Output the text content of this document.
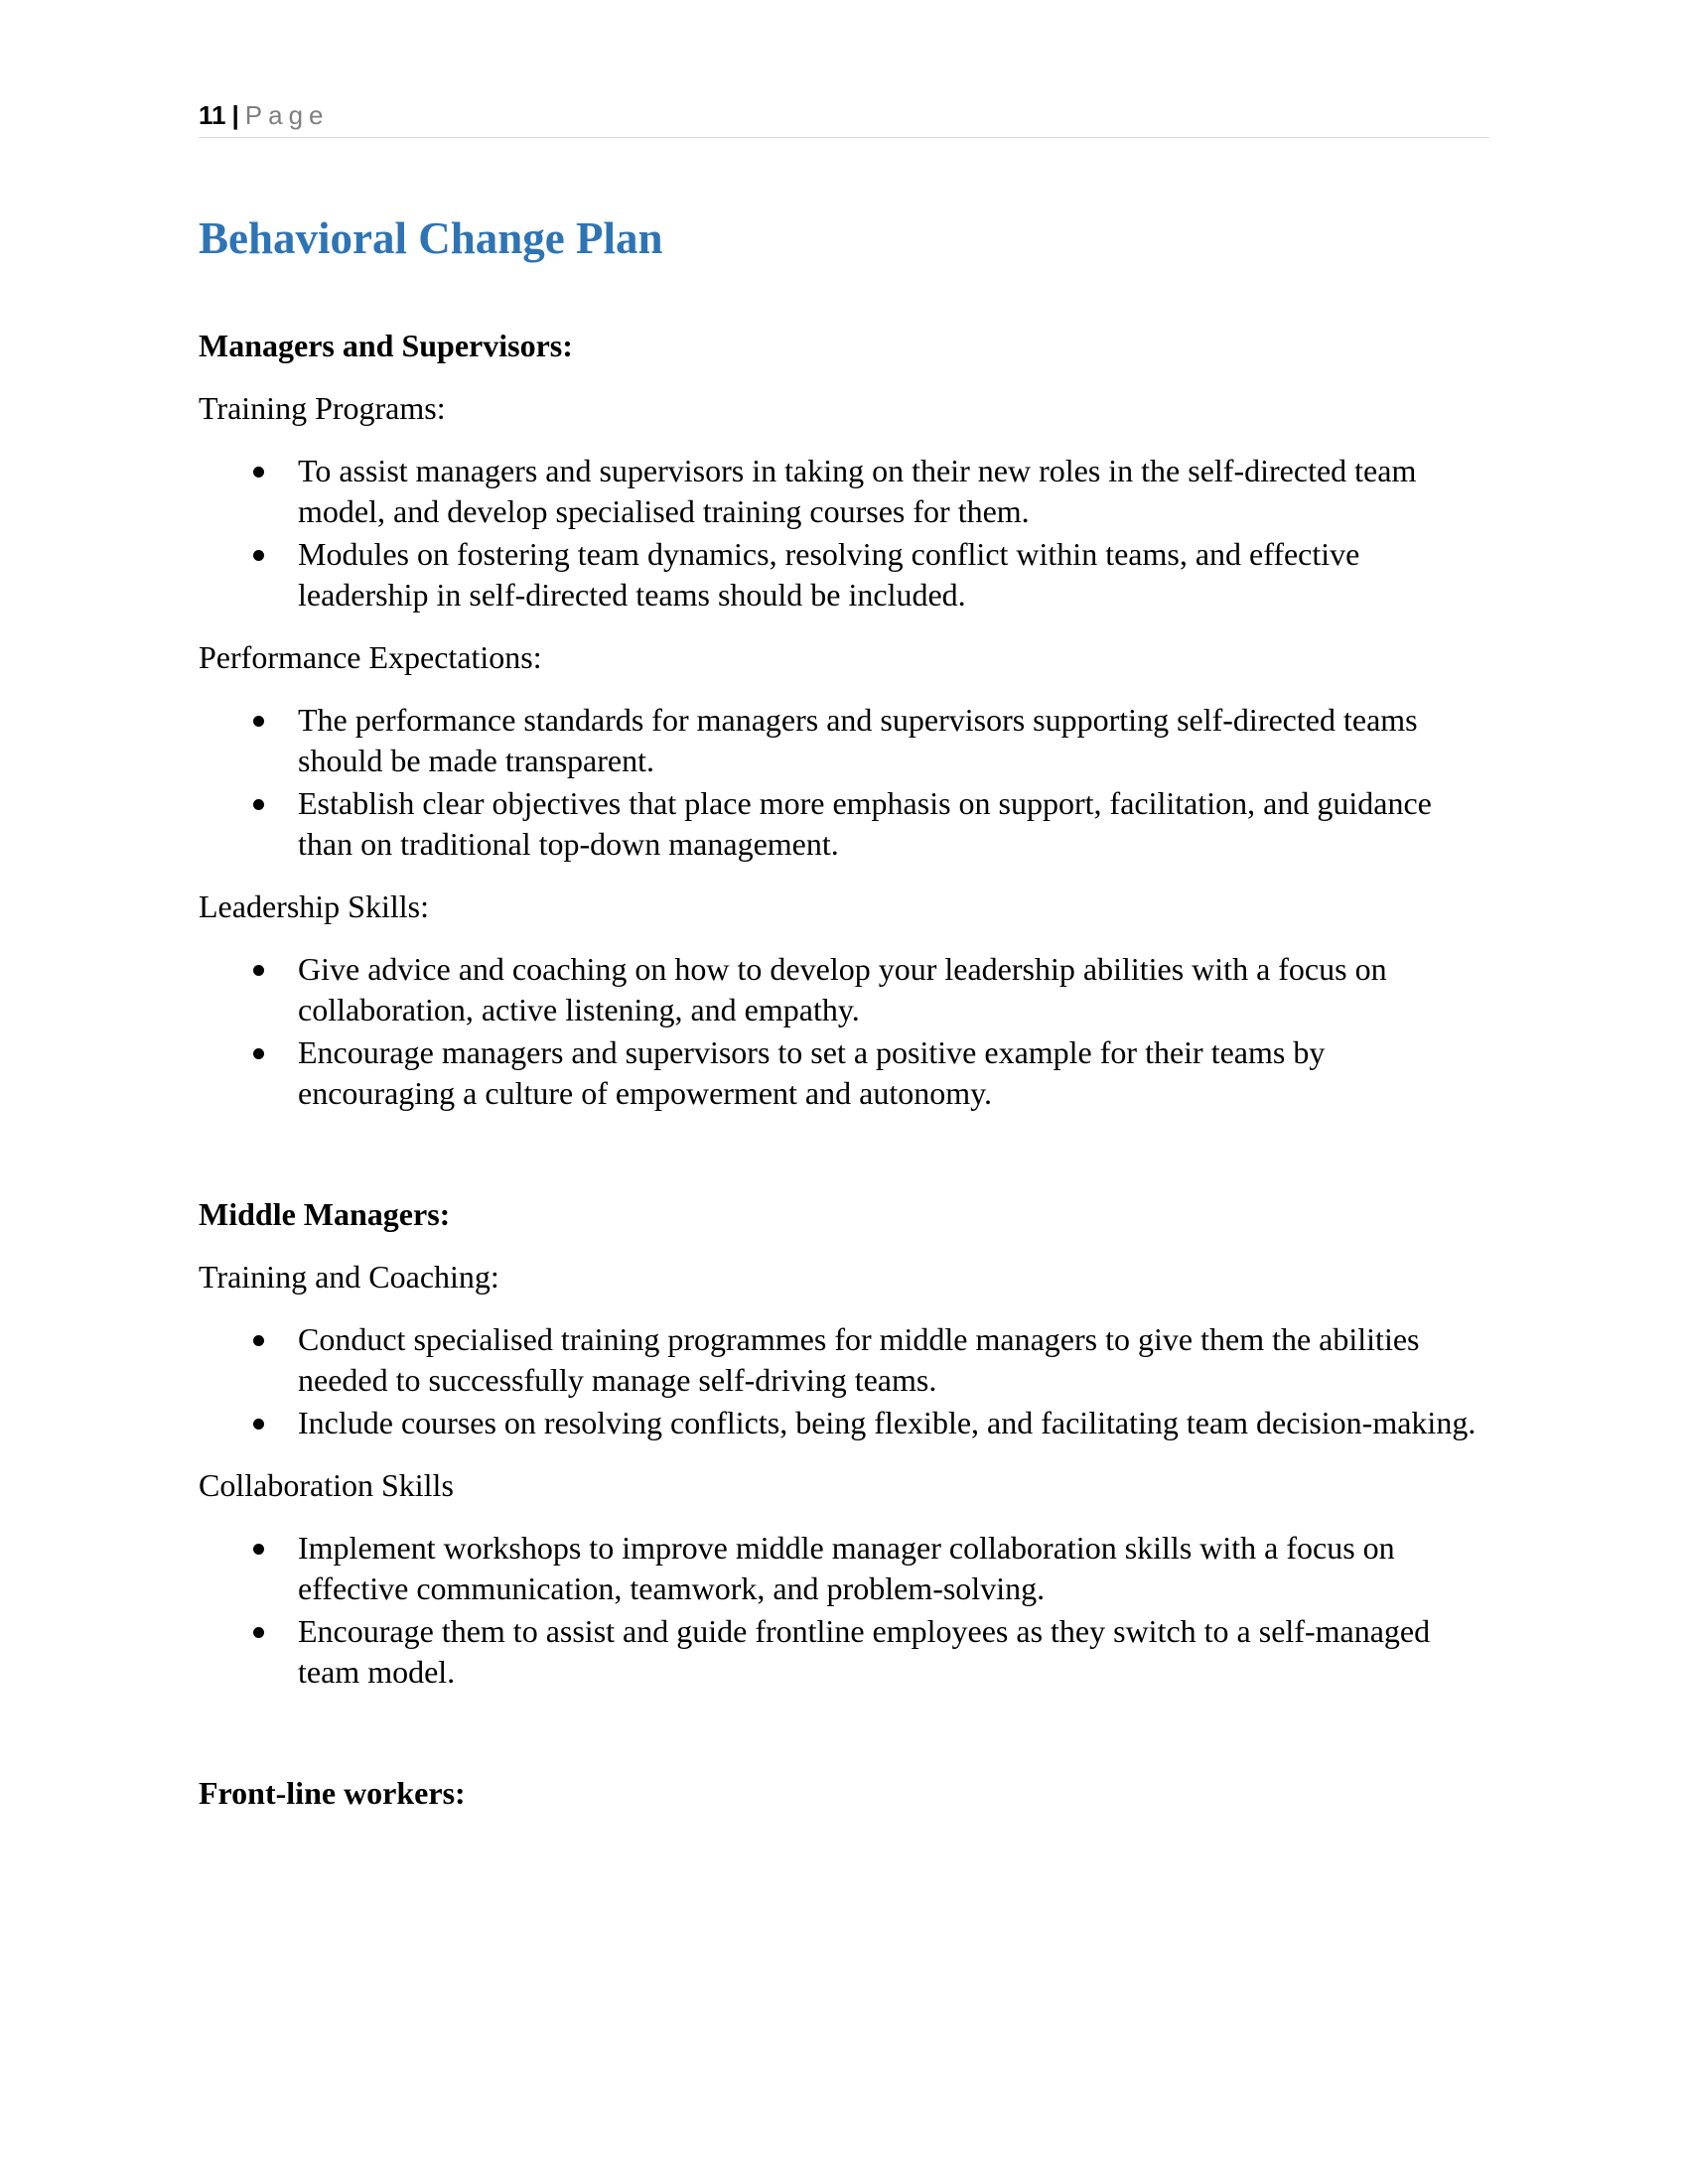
11 | Page
Behavioral Change Plan
Managers and Supervisors:
Training Programs:
To assist managers and supervisors in taking on their new roles in the self-directed team model, and develop specialised training courses for them.
Modules on fostering team dynamics, resolving conflict within teams, and effective leadership in self-directed teams should be included.
Performance Expectations:
The performance standards for managers and supervisors supporting self-directed teams should be made transparent.
Establish clear objectives that place more emphasis on support, facilitation, and guidance than on traditional top-down management.
Leadership Skills:
Give advice and coaching on how to develop your leadership abilities with a focus on collaboration, active listening, and empathy.
Encourage managers and supervisors to set a positive example for their teams by encouraging a culture of empowerment and autonomy.
Middle Managers:
Training and Coaching:
Conduct specialised training programmes for middle managers to give them the abilities needed to successfully manage self-driving teams.
Include courses on resolving conflicts, being flexible, and facilitating team decision-making.
Collaboration Skills
Implement workshops to improve middle manager collaboration skills with a focus on effective communication, teamwork, and problem-solving.
Encourage them to assist and guide frontline employees as they switch to a self-managed team model.
Front-line workers:
